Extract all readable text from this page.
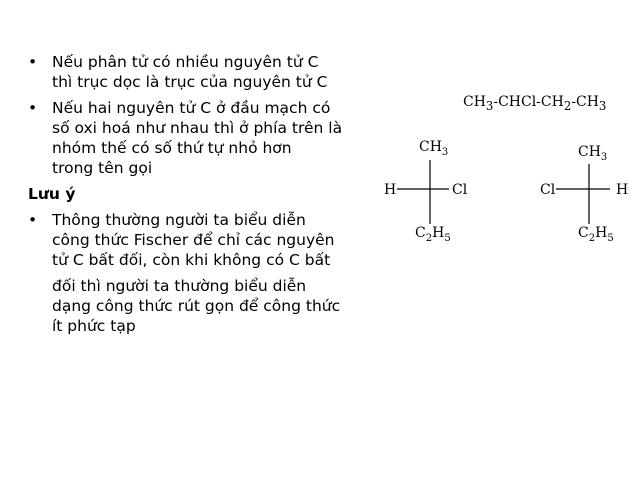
• Nếu phân tử có nhiều nguyên tử C
thì trục dọc là trục của nguyên tử C
• Nếu hai nguyên tử C ở đầu mạch có
số oxi hoá như nhau thì ở phía trên là
nhóm thế có số thứ tự nhỏ hơn
trong tên gọi
Lưu ý
• Thông thường người ta biểu diễn
công thức Fischer để chỉ các nguyên
tử C bất đối, còn khi không có C bất
đối thì người ta thường biểu diễn
dạng công thức rút gọn để công thức
ít phức tạp
$CH_3-CHCl-CH_2-CH_3$
$CH_3$
H	Cl
$C_2H_5$
$CH_3$
Cl	H
$C_2H_5$
